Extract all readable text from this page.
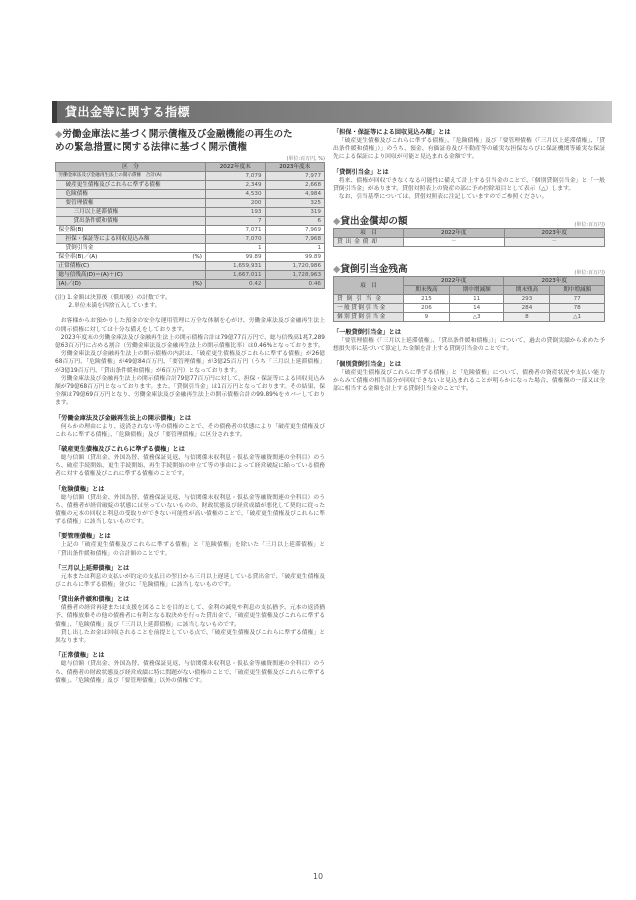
貸出金等に関する指標
◆労働金庫法に基づく開示債権及び金融機能の再生のた
めの緊急措置に関する法律に基づく開示債権
(単位:百万円, %)
区　分	2022年度末	2023年度末
労働金庫法及び金融再生法上の開示債権　合計(A)	7,079	7,977
破産更生債権及びこれらに準ずる債権	2,349	2,668
危険債権	4,530	4,984
要管理債権	200	325
三月以上延滞債権	193	319
貸出条件緩和債権	7	6
保全額(B)	7,071	7,969
担保・保証等による回収見込み額	7,070	7,968
貸倒引当金	1	1
保全率(B)／(A) (%)	99.89	99.89
正常債権(C)	1,659,931	1,720,986
総与信残高(D)＝(A)＋(C)	1,667,011	1,728,963
(A)／(D) (%)	0.42	0.46

(注) 1.金額は決算後（償却後）の計数です。

　　 2.単位未満を四捨五入しています。

お客様からお預かりした預金の安全な運用管理に万全な体制を心がけ、労働金庫法及び金融再生法上の開示債権に対しては十分な備えをしております。

2023年度末の労働金庫法及び金融再生法上の開示債権合計は79億77百万円で、総与信残高1兆7,289億63百万円に占める割合（労働金庫法及び金融再生法上の開示債権比率）は0.46%となっております。

労働金庫法及び金融再生法上の開示債権の内訳は、「破産更生債権及びこれらに準ずる債権」が26億68百万円、「危険債権」が49億84百万円、「要管理債権」が3億25百万円（うち「三月以上延滞債権」が3億19百万円、「貸出条件緩和債権」が6百万円）となっております。

労働金庫法及び金融再生法上の開示債権合計79億77百万円に対して、担保・保証等による回収見込み額が79億68百万円となっております。また、「貸倒引当金」は1百万円となっております。その結果、保全額は79億69百万円となり、労働金庫法及び金融再生法上の開示債権合計の99.89%をカバーしております。

「労働金庫法及び金融再生法上の開示債権」とは

何らかの理由により、返済されない等の債権のことで、その債務者の状態により「破産更生債権及びこれらに準ずる債権」、「危険債権」及び「要管理債権」に区分されます。

「破産更生債権及びこれらに準ずる債権」とは

総与信額（貸出金、外国為替、債務保証見返、与信関係未収利息・仮払金等融資関連の全科目）のうち、破産手続開始、更生手続開始、再生手続開始の申立て等の事由によって経営破綻に陥っている債務者に対する債権及びこれに準ずる債権のことです。

「危険債権」とは

総与信額（貸出金、外国為替、債務保証見返、与信関係未収利息・仮払金等融資関連の全科目）のうち、債務者が経営破綻の状態には至っていないものの、財政状態及び経営成績が悪化して契約に従った債権の元本の回収と利息の受取りができない可能性が高い債権のことで、「破産更生債権及びこれらに準ずる債権」に該当しないものです。

「要管理債権」とは

上記の「破産更生債権及びこれらに準ずる債権」と「危険債権」を除いた「三月以上延滞債権」と「貸出条件緩和債権」の合計額のことです。

「三月以上延滞債権」とは

元本または利息の支払いが約定の支払日の翌日から三月以上遅延している貸出金で、「破産更生債権及びこれらに準ずる債権」並びに「危険債権」に該当しないものです。

「貸出条件緩和債権」とは

債務者の経営再建または支援を図ることを目的として、金利の減免や利息の支払猶予、元本の返済猶予、債権放棄その他の債務者に有利となる取決めを行った貸出金で、「破産更生債権及びこれらに準ずる債権」、「危険債権」及び「三月以上延滞債権」に該当しないものです。

貸し出したお金は回収されることを前提としている点で、「破産更生債権及びこれらに準ずる債権」と異なります。

「正常債権」とは

総与信額（貸出金、外国為替、債務保証見返、与信関係未収利息・仮払金等融資関連の全科目）のうち、債務者の財政状態及び経営成績に特に問題がない債権のことで、「破産更生債権及びこれらに準ずる債権」、「危険債権」及び「要管理債権」以外の債権です。

「担保・保証等による回収見込み額」とは

「破産更生債権及びこれらに準ずる債権」、「危険債権」及び「要管理債権（「三月以上延滞債権」、「貸出条件緩和債権」）」のうち、預金、有価証券及び不動産等の確実な担保ならびに保証機関等確実な保証先による保証により回収が可能と見込まれる金額です。

「貸倒引当金」とは

将来、債権が回収できなくなる可能性に備えて計上する引当金のことで、「個別貸倒引当金」と「一般貸倒引当金」があります。貸借対照表上の資産の部に予め控除項目として表示（△）します。

なお、引当基準については、貸借対照表に注記していますのでご参照ください。

◆貸出金償却の額	(単位:百万円)
項　目	2022年度	2023年度
貸出金償却	－	－
◆貸倒引当金残高	(単位:百万円)
項　目	2022年度		2023年度	
	期末残高	期中増減額	期末残高	期中増減額
貸倒引当金	215	11	293	77
一般貸倒引当金	206	14	284	78
個別貸倒引当金	9	△3	8	△1
「一般貸倒引当金」とは

「要管理債権（「三月以上延滞債権」、「貸出条件緩和債権」）」について、過去の貸倒実績から求めた予想損失率に基づいて算定した金額を計上する貸倒引当金のことです。

「個別貸倒引当金」とは

「破産更生債権及びこれらに準ずる債権」と「危険債権」について、債務者の資産状況や支払い能力からみて債権の相当部分が回収できないと見込まれることが明らかになった場合、債権額の一部又は全部に相当する金額を計上する貸倒引当金のことです。

10
